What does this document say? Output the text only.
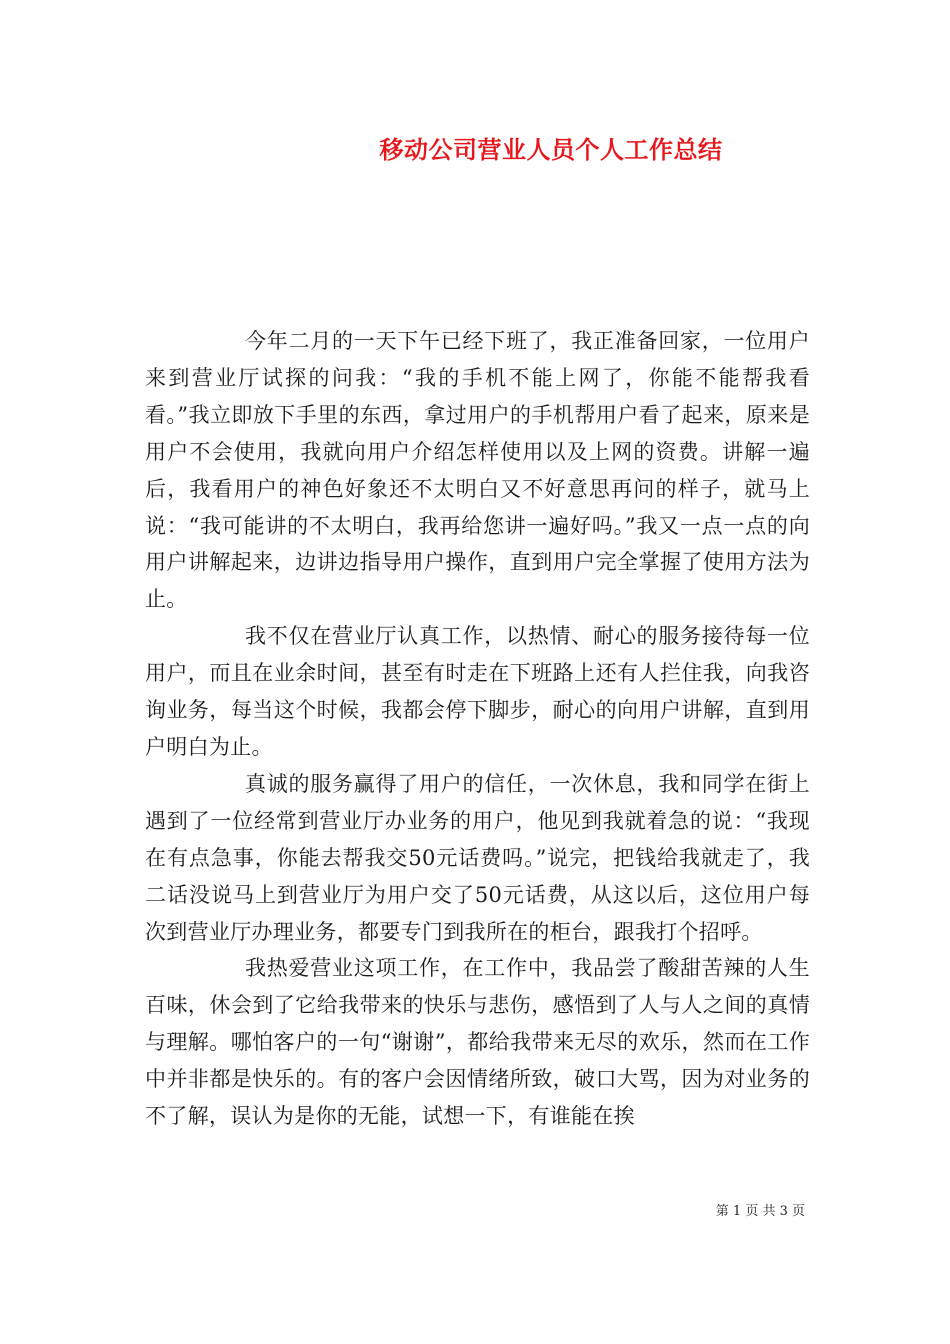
移动公司营业人员个人工作总结

今年二月的一天下午已经下班了，我正准备回家，一位用户来到营业厅试探的问我：“我的手机不能上网了，你能不能帮我看看。”我立即放下手里的东西，拿过用户的手机帮用户看了起来，原来是用户不会使用，我就向用户介绍怎样使用以及上网的资费。讲解一遍后，我看用户的神色好象还不太明白又不好意思再问的样子，就马上说：“我可能讲的不太明白，我再给您讲一遍好吗。”我又一点一点的向用户讲解起来，边讲边指导用户操作，直到用户完全掌握了使用方法为止。

我不仅在营业厅认真工作，以热情、耐心的服务接待每一位用户，而且在业余时间，甚至有时走在下班路上还有人拦住我，向我咨询业务，每当这个时候，我都会停下脚步，耐心的向用户讲解，直到用户明白为止。

真诚的服务赢得了用户的信任，一次休息，我和同学在街上遇到了一位经常到营业厅办业务的用户，他见到我就着急的说：“我现在有点急事，你能去帮我交50元话费吗。”说完，把钱给我就走了，我二话没说马上到营业厅为用户交了50元话费，从这以后，这位用户每次到营业厅办理业务，都要专门到我所在的柜台，跟我打个招呼。

我热爱营业这项工作，在工作中，我品尝了酸甜苦辣的人生百味，休会到了它给我带来的快乐与悲伤，感悟到了人与人之间的真情与理解。哪怕客户的一句“谢谢”，都给我带来无尽的欢乐，然而在工作中并非都是快乐的。有的客户会因情绪所致，破口大骂，因为对业务的不了解，误认为是你的无能，试想一下，有谁能在挨

第 1 页 共 3 页
